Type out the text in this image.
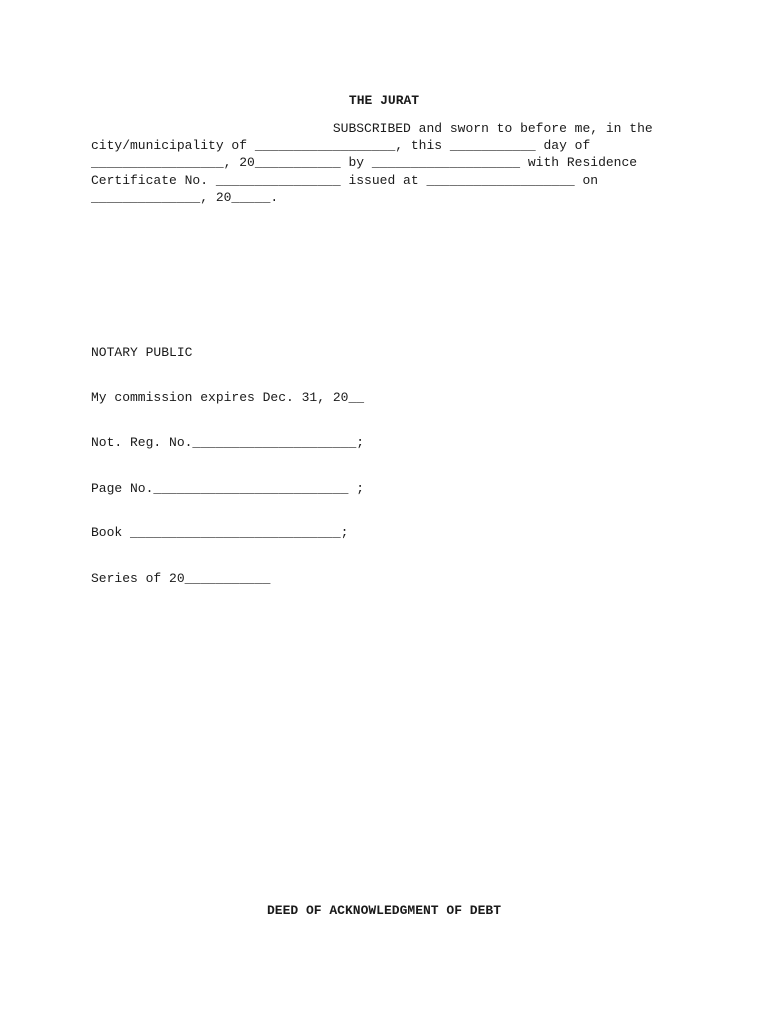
THE JURAT
SUBSCRIBED and sworn to before me, in the
city/municipality of __________________, this ___________ day of
_________________, 20___________ by ___________________ with Residence
Certificate No. ________________ issued at ___________________ on
______________, 20_____.
NOTARY PUBLIC
My commission expires Dec. 31, 20__
Not. Reg. No._____________________;
Page No._________________________ ;
Book ___________________________;
Series of 20___________
DEED OF ACKNOWLEDGMENT OF DEBT
